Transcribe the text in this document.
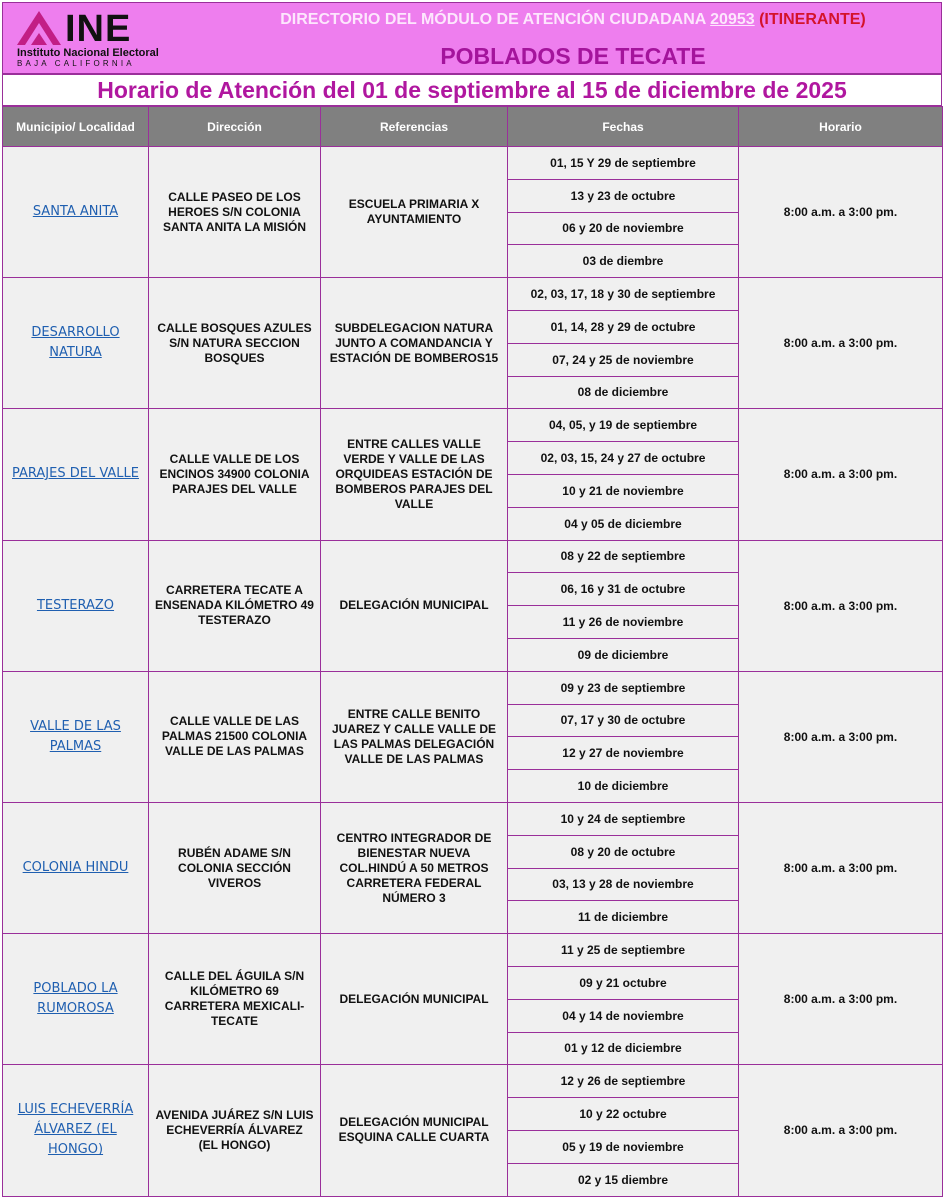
INE
Instituto Nacional Electoral
BAJA CALIFORNIA
DIRECTORIO DEL MÓDULO DE ATENCIÓN CIUDADANA 20953 (ITINERANTE)
POBLADOS DE TECATE
Horario de Atención del 01 de septiembre al 15 de diciembre de 2025
Municipio/ Localidad	Dirección	Referencias	Fechas	Horario
SANTA ANITA	CALLE PASEO DE LOS HEROES S/N COLONIA SANTA ANITA LA MISIÓN	ESCUELA PRIMARIA X AYUNTAMIENTO	01, 15 Y 29 de septiembre	8:00 a.m. a 3:00 pm.
			13 y 23 de octubre	
			06 y 20 de noviembre	
			03 de diembre	
DESARROLLO NATURA	CALLE BOSQUES AZULES S/N NATURA SECCION BOSQUES	SUBDELEGACION NATURA JUNTO A COMANDANCIA Y ESTACIÓN DE BOMBEROS15	02, 03, 17, 18 y 30 de septiembre	8:00 a.m. a 3:00 pm.
			01, 14, 28 y 29 de octubre	
			07, 24 y 25 de noviembre	
			08 de diciembre	
PARAJES DEL VALLE	CALLE VALLE DE LOS ENCINOS 34900 COLONIA PARAJES DEL VALLE	ENTRE CALLES VALLE VERDE Y VALLE DE LAS ORQUIDEAS ESTACIÓN DE BOMBEROS PARAJES DEL VALLE	04, 05, y 19 de septiembre	8:00 a.m. a 3:00 pm.
			02, 03, 15, 24 y 27 de octubre	
			10 y 21 de noviembre	
			04 y 05 de diciembre	
TESTERAZO	CARRETERA TECATE A ENSENADA KILÓMETRO 49 TESTERAZO	DELEGACIÓN MUNICIPAL	08 y 22 de septiembre	8:00 a.m. a 3:00 pm.
			06, 16 y 31 de octubre	
			11 y 26 de noviembre	
			09 de diciembre	
VALLE DE LAS PALMAS	CALLE VALLE DE LAS PALMAS 21500 COLONIA VALLE DE LAS PALMAS	ENTRE CALLE BENITO JUAREZ Y CALLE VALLE DE LAS PALMAS DELEGACIÓN VALLE DE LAS PALMAS	09 y 23 de septiembre	8:00 a.m. a 3:00 pm.
			07, 17 y 30 de octubre	
			12 y 27 de noviembre	
			10 de diciembre	
COLONIA HINDU	RUBÉN ADAME S/N COLONIA SECCIÓN VIVEROS	CENTRO INTEGRADOR DE BIENESTAR NUEVA COL.HINDÚ A 50 METROS CARRETERA FEDERAL NÚMERO 3	10 y 24 de septiembre	8:00 a.m. a 3:00 pm.
			08 y 20 de octubre	
			03, 13 y 28 de noviembre	
			11 de diciembre	
POBLADO LA RUMOROSA	CALLE DEL ÁGUILA S/N KILÓMETRO 69 CARRETERA MEXICALI-TECATE	DELEGACIÓN MUNICIPAL	11 y 25 de septiembre	8:00 a.m. a 3:00 pm.
			09 y 21 octubre	
			04 y 14 de noviembre	
			01 y 12 de diciembre	
LUIS ECHEVERRÍA ÁLVAREZ (EL HONGO)	AVENIDA JUÁREZ S/N LUIS ECHEVERRÍA ÁLVAREZ (EL HONGO)	DELEGACIÓN MUNICIPAL ESQUINA CALLE CUARTA	12 y 26 de septiembre	8:00 a.m. a 3:00 pm.
			10 y 22 octubre	
			05 y 19 de noviembre	
			02 y 15 diembre	
